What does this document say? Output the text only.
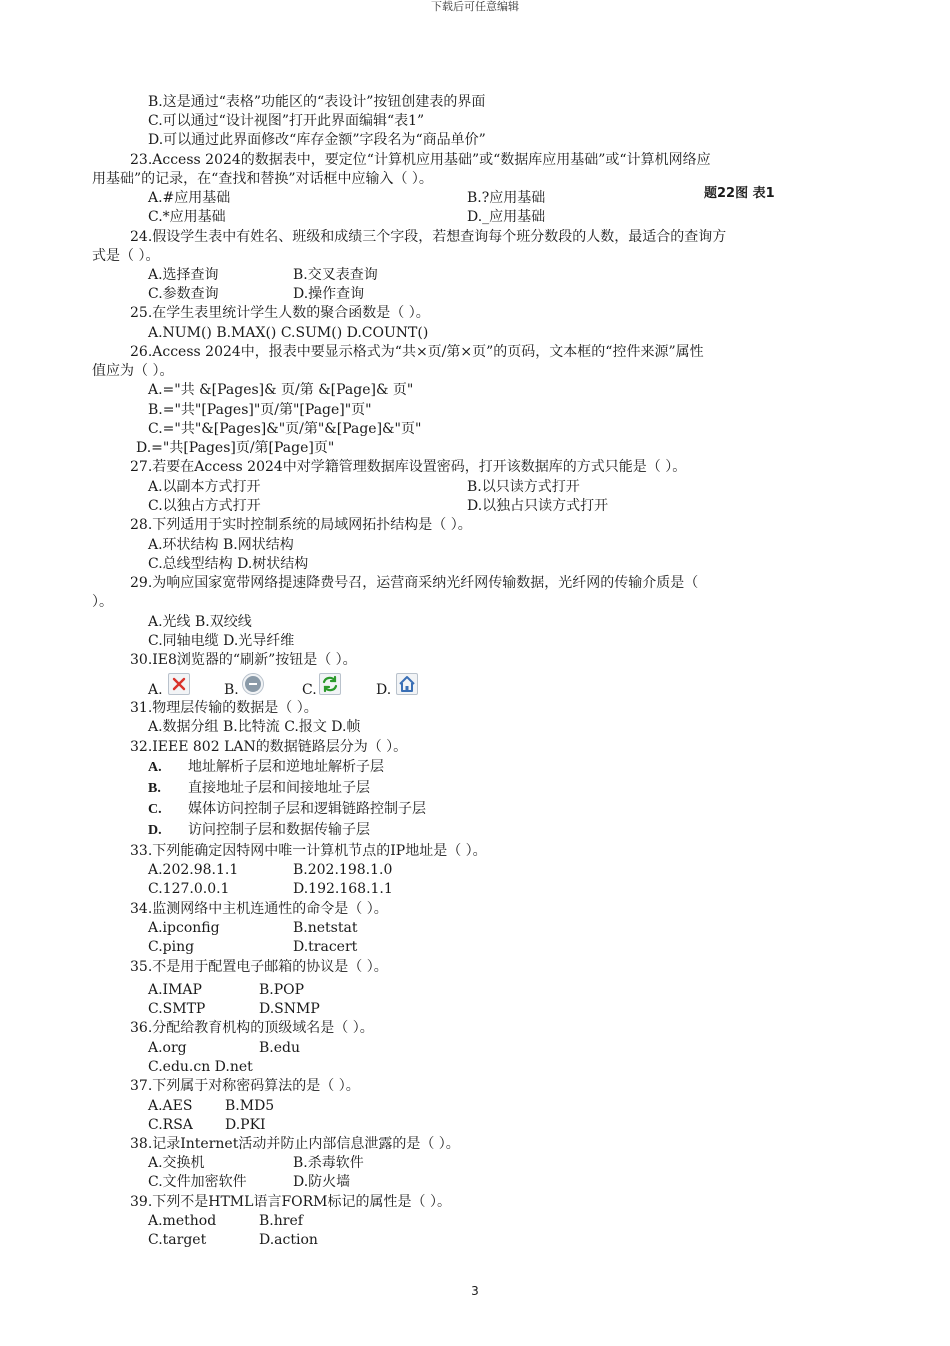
下载后可任意编辑
B.这是通过“表格”功能区的“表设计”按钮创建表的界面
C.可以通过“设计视图”打开此界面编辑“表1”
D.可以通过此界面修改“库存金额”字段名为“商品单价”
23.Access 2024的数据表中，要定位“计算机应用基础”或“数据库应用基础”或“计算机网络应
用基础”的记录，在“查找和替换”对话框中应输入（ ）。
A.#应用基础	B.?应用基础	题22图 表1
C.*应用基础	D._应用基础
24.假设学生表中有姓名、班级和成绩三个字段，若想查询每个班分数段的人数，最适合的查询方
式是（ ）。
A.选择查询	B.交叉表查询
C.参数查询	D.操作查询
25.在学生表里统计学生人数的聚合函数是（ ）。
A.NUM() B.MAX() C.SUM() D.COUNT()
26.Access 2024中，报表中要显示格式为“共×页/第×页”的页码，文本框的“控件来源”属性
值应为（ ）。
A.="共 &[Pages]& 页/第 &[Page]& 页"
B.="共"[Pages]"页/第"[Page]"页"
C.="共"&[Pages]&"页/第"&[Page]&"页"
D.="共[Pages]页/第[Page]页"
27.若要在Access 2024中对学籍管理数据库设置密码，打开该数据库的方式只能是（ ）。
A.以副本方式打开	B.以只读方式打开
C.以独占方式打开	D.以独占只读方式打开
28.下列适用于实时控制系统的局域网拓扑结构是（ ）。
A.环状结构 B.网状结构
C.总线型结构 D.树状结构
29.为响应国家宽带网络提速降费号召，运营商采纳光纤网传输数据，光纤网的传输介质是（
）。
A.光线 B.双绞线
C.同轴电缆 D.光导纤维
30.IE8浏览器的“刷新”按钮是（ ）。
A.	B.	C.	D.
31.物理层传输的数据是（ ）。
A.数据分组 B.比特流 C.报文 D.帧
32.IEEE 802 LAN的数据链路层分为（ ）。
A. 地址解析子层和逆地址解析子层
B. 直接地址子层和间接地址子层
C. 媒体访问控制子层和逻辑链路控制子层
D. 访问控制子层和数据传输子层
33.下列能确定因特网中唯一计算机节点的IP地址是（ ）。
A.202.98.1.1	B.202.198.1.0
C.127.0.0.1	D.192.168.1.1
34.监测网络中主机连通性的命令是（ ）。
A.ipconfig	B.netstat
C.ping	D.tracert
35.不是用于配置电子邮箱的协议是（ ）。
A.IMAP	B.POP
C.SMTP	D.SNMP
36.分配给教育机构的顶级域名是（ ）。
A.org	B.edu
C.edu.cn D.net
37.下列属于对称密码算法的是（ ）。
A.AES B.MD5
C.RSA D.PKI
38.记录Internet活动并防止内部信息泄露的是（ ）。
A.交换机	B.杀毒软件
C.文件加密软件	D.防火墙
39.下列不是HTML语言FORM标记的属性是（ ）。
A.method	B.href
C.target	D.action
3
